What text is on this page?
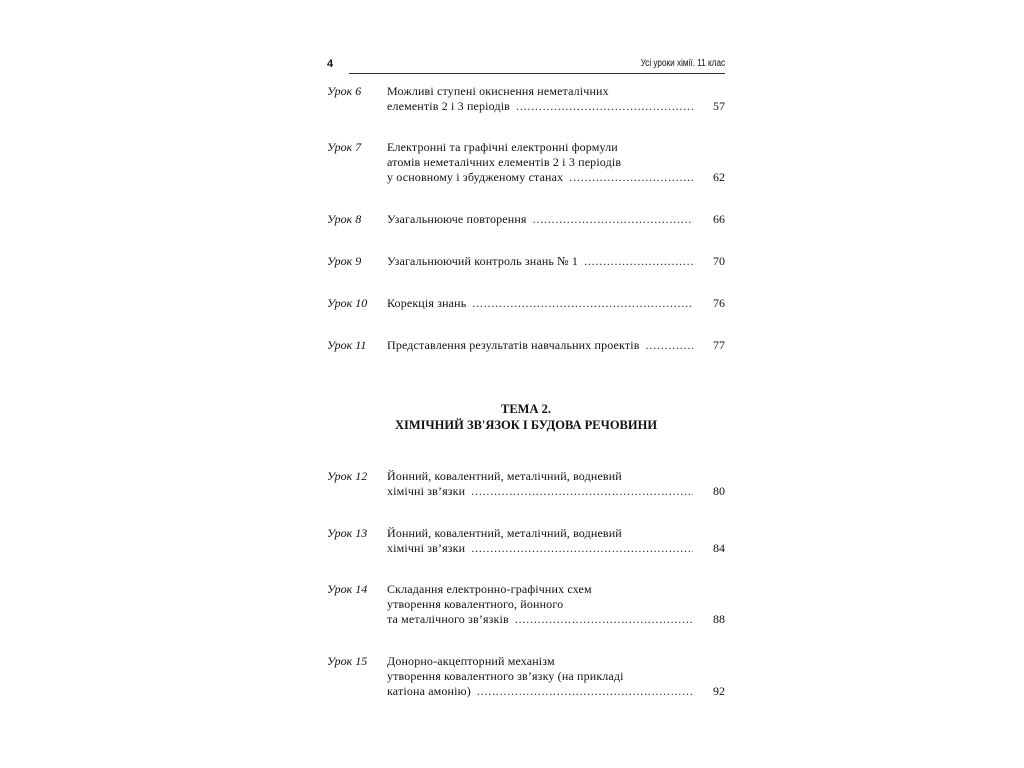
4	Усі уроки хімії. 11 клас
ТЕМА 2.
ХІМІЧНИЙ ЗВ'ЯЗОК І БУДОВА РЕЧОВИНИ
Урок 6 Можливі ступені окиснення неметалічних
елементів 2 і 3 періодів . . .	57
Урок 7 Електронні та графічні електронні формули
атомів неметалічних елементів 2 і 3 періодів
у основному і збудженому станах . . .	62
Урок 8 Узагальнююче повторення . . .	66
Урок 9 Узагальнюючий контроль знань № 1 . . .	70
Урок 10 Корекція знань . . .	76
Урок 11 Представлення результатів навчальних проектів . . .	77
Урок 12 Йонний, ковалентний, металічний, водневий
хімічні зв’язки . . .	80
Урок 13 Йонний, ковалентний, металічний, водневий
хімічні зв’язки . . .	84
Урок 14 Складання електронно-графічних схем
утворення ковалентного, йонного
та металічного зв’язків . . .	88
Урок 15 Донорно-акцепторний механізм
утворення ковалентного зв’язку (на прикладі
катіона амонію) . . .	92
